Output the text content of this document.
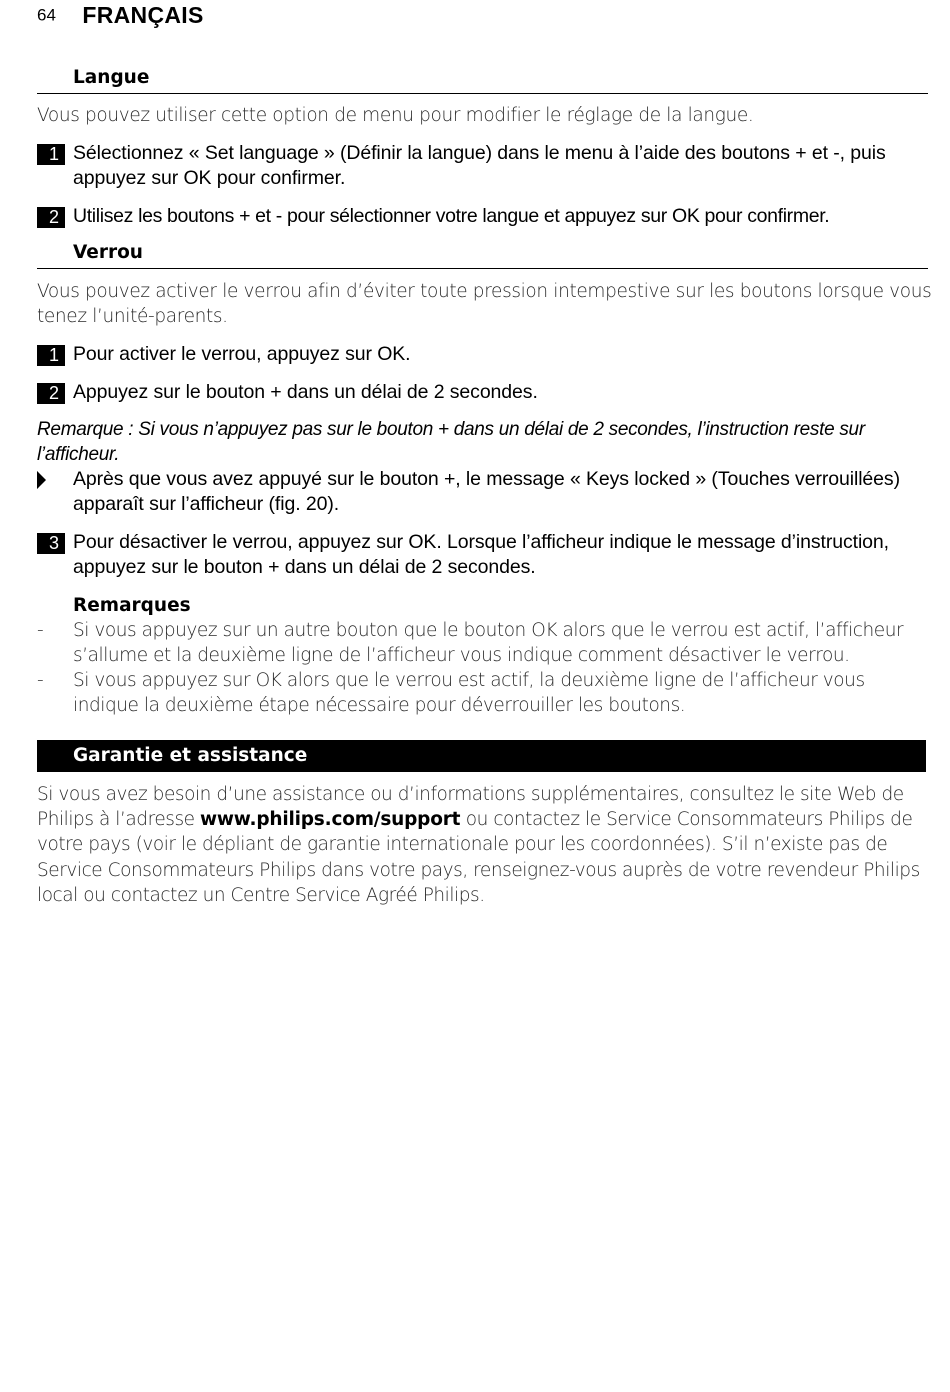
64 FRANÇAIS
Langue
Vous pouvez utiliser cette option de menu pour modifier le réglage de la langue.
1 Sélectionnez « Set language » (Définir la langue) dans le menu à l’aide des boutons + et -, puis appuyez sur OK pour confirmer.
2 Utilisez les boutons + et - pour sélectionner votre langue et appuyez sur OK pour confirmer.
Verrou
Vous pouvez activer le verrou afin d’éviter toute pression intempestive sur les boutons lorsque vous tenez l’unité-parents.
1 Pour activer le verrou, appuyez sur OK.
2 Appuyez sur le bouton + dans un délai de 2 secondes.
Remarque : Si vous n’appuyez pas sur le bouton + dans un délai de 2 secondes, l’instruction reste sur l’afficheur.
Après que vous avez appuyé sur le bouton +, le message « Keys locked » (Touches verrouillées) apparaît sur l’afficheur (fig. 20).
3 Pour désactiver le verrou, appuyez sur OK. Lorsque l’afficheur indique le message d’instruction, appuyez sur le bouton + dans un délai de 2 secondes.
Remarques
- Si vous appuyez sur un autre bouton que le bouton OK alors que le verrou est actif, l’afficheur s’allume et la deuxième ligne de l’afficheur vous indique comment désactiver le verrou.
- Si vous appuyez sur OK alors que le verrou est actif, la deuxième ligne de l’afficheur vous indique la deuxième étape nécessaire pour déverrouiller les boutons.
Garantie et assistance
Si vous avez besoin d’une assistance ou d’informations supplémentaires, consultez le site Web de Philips à l’adresse www.philips.com/support ou contactez le Service Consommateurs Philips de votre pays (voir le dépliant de garantie internationale pour les coordonnées). S’il n’existe pas de Service Consommateurs Philips dans votre pays, renseignez-vous auprès de votre revendeur Philips local ou contactez un Centre Service Agréé Philips.
